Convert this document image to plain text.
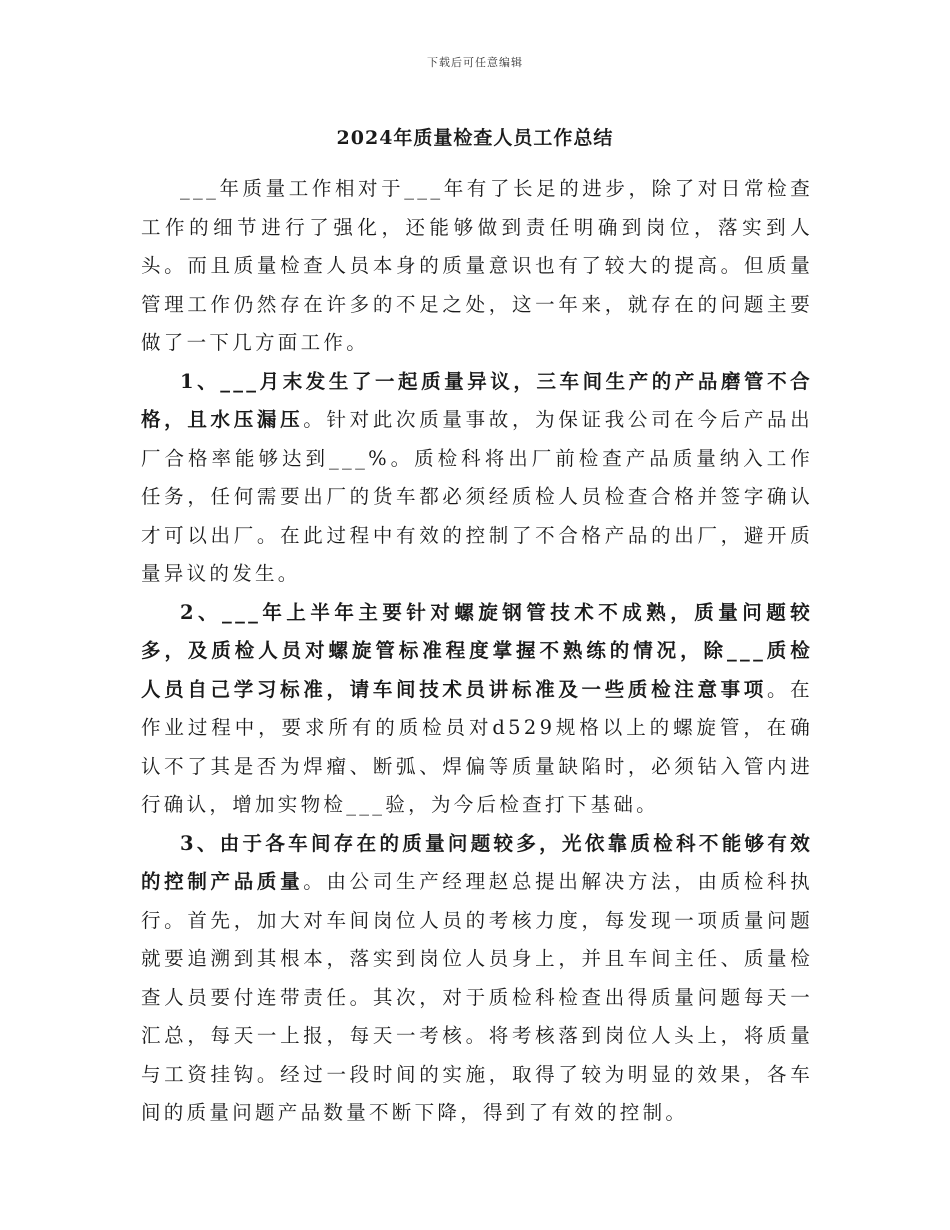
下载后可任意编辑
2024年质量检查人员工作总结

___年质量工作相对于___年有了长足的进步，除了对日常检查工作的细节进行了强化，还能够做到责任明确到岗位，落实到人头。而且质量检查人员本身的质量意识也有了较大的提高。但质量管理工作仍然存在许多的不足之处，这一年来，就存在的问题主要做了一下几方面工作。

1、___月末发生了一起质量异议，三车间生产的产品磨管不合格，且水压漏压。针对此次质量事故，为保证我公司在今后产品出厂合格率能够达到___%。质检科将出厂前检查产品质量纳入工作任务，任何需要出厂的货车都必须经质检人员检查合格并签字确认才可以出厂。在此过程中有效的控制了不合格产品的出厂，避开质量异议的发生。

2、___年上半年主要针对螺旋钢管技术不成熟，质量问题较多，及质检人员对螺旋管标准程度掌握不熟练的情况，除___质检人员自己学习标准，请车间技术员讲标准及一些质检注意事项。在作业过程中，要求所有的质检员对d529规格以上的螺旋管，在确认不了其是否为焊瘤、断弧、焊偏等质量缺陷时，必须钻入管内进行确认，增加实物检___验，为今后检查打下基础。

3、由于各车间存在的质量问题较多，光依靠质检科不能够有效的控制产品质量。由公司生产经理赵总提出解决方法，由质检科执行。首先，加大对车间岗位人员的考核力度，每发现一项质量问题就要追溯到其根本，落实到岗位人员身上，并且车间主任、质量检查人员要付连带责任。其次，对于质检科检查出得质量问题每天一汇总，每天一上报，每天一考核。将考核落到岗位人头上，将质量与工资挂钩。经过一段时间的实施，取得了较为明显的效果，各车间的质量问题产品数量不断下降，得到了有效的控制。
